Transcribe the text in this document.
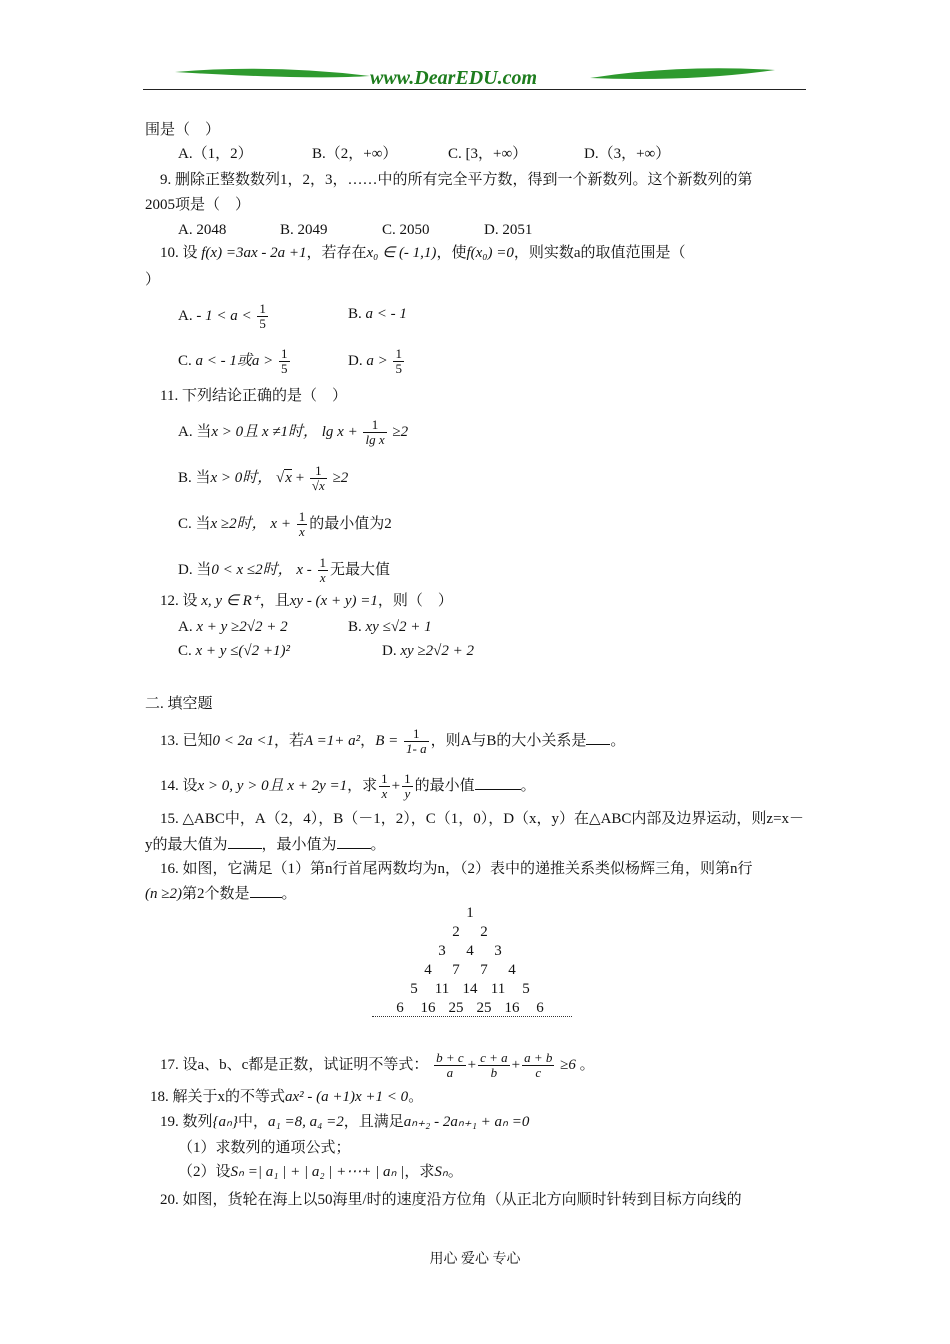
www.DearEDU.com
围是（　）
A.（1，2）	B.（2，+∞）	C. [3，+∞）	D.（3，+∞）
9. 删除正整数数列1，2，3，……中的所有完全平方数，得到一个新数列。这个新数列的第
2005项是（　）
A. 2048	B. 2049	C. 2050	D. 2051
10. 设 f(x) =3ax - 2a +1，若存在x₀ ∈ (- 1,1)，使f(x₀) =0，则实数a的取值范围是（
）
A. - $1 < a < \frac{1}{5}$	B. a < - 1
C. a < - 1或$a > \frac{1}{5}$	D. $a > \frac{1}{5}$
11. 下列结论正确的是（　）
A. 当x > 0且 x ≠1时， $\lg x + \frac{1}{\text{lg x}} \ge 2$
B. 当x > 0时， $√x + \frac{1}{√x} \ge 2$
C. 当x ≥2时， $x + \frac{1}{x}$ 的最小值为2
D. 当0 < x ≤2时， x - $\frac{1}{x}$ 无最大值
12. 设 x, y ∈ R⁺，且xy - (x + y) =1，则（　）
A. x + y ≥2√2 + 2	B. xy ≤√2 + 1
C. x + y ≤(√2 +1)²	D. xy ≥2√2 + 2
二. 填空题
13. 已知0 < 2a <1，若A =1+ a²，$B = \frac{1}{1- a}$ ，则A与B的大小关系是 。
14. 设x > 0, y > 0且 x + 2y =1，求 $\frac{1}{x} + \frac{1}{y}$ 的最小值	。
15. △ABC中，A（2，4），B（－1，2），C（1，0），D（x，y）在△ABC内部及边界运动，则z=x－
y的最大值为 ，最小值为 。
16. 如图，它满足（1）第n行首尾两数均为n，（2）表中的递推关系类似杨辉三角，则第n行
(n ≥2)第2个数是 。
1
2 2
3 4 3
4 7 7 4
5 11 14 11 5
6 16 25 25 16 6
17. 设a、b、c都是正数，试证明不等式： $\frac{b + c}{a} + \frac{c + a}{b} + \frac{a + b}{c} \ge 6$ 。
18. 解关于x的不等式ax² - (a +1)x +1 < 0。
19. 数列{aₙ}中，a₁ =8, a₄ =2，且满足aₙ₊₂ - 2aₙ₊₁ + aₙ =0
（1）求数列的通项公式；
（2）设Sₙ =| a₁ | + | a₂ | +⋯+ | aₙ |，求Sₙ。
20. 如图，货轮在海上以50海里/时的速度沿方位角（从正北方向顺时针转到目标方向线的
用心 爱心 专心
